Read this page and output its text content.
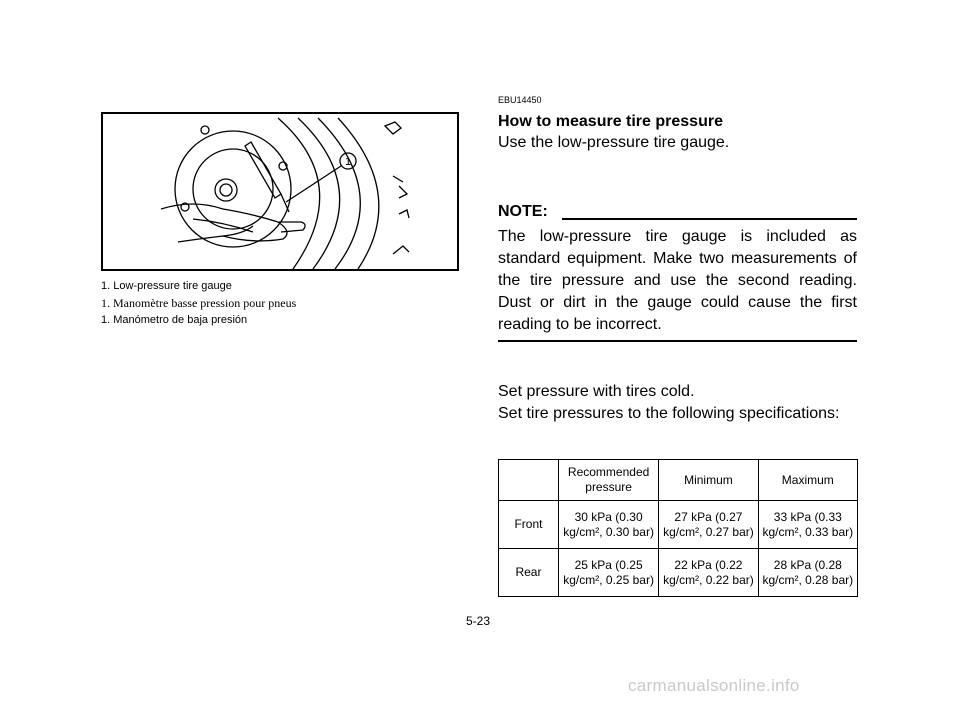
1
1. Low-pressure tire gauge
1. Manomètre basse pression pour pneus
1. Manómetro de baja presión
EBU14450
How to measure tire pressure
Use the low-pressure tire gauge.
NOTE:
The low-pressure tire gauge is included as standard equipment. Make two measurements of the tire pressure and use the second reading. Dust or dirt in the gauge could cause the first reading to be incorrect.
Set pressure with tires cold.
Set tire pressures to the following specifications:
	Recommended pressure	Minimum	Maximum
Front	30 kPa (0.30 kg/cm², 0.30 bar)	27 kPa (0.27 kg/cm², 0.27 bar)	33 kPa (0.33 kg/cm², 0.33 bar)
Rear	25 kPa (0.25 kg/cm², 0.25 bar)	22 kPa (0.22 kg/cm², 0.22 bar)	28 kPa (0.28 kg/cm², 0.28 bar)
5-23
carmanualsonline.info
